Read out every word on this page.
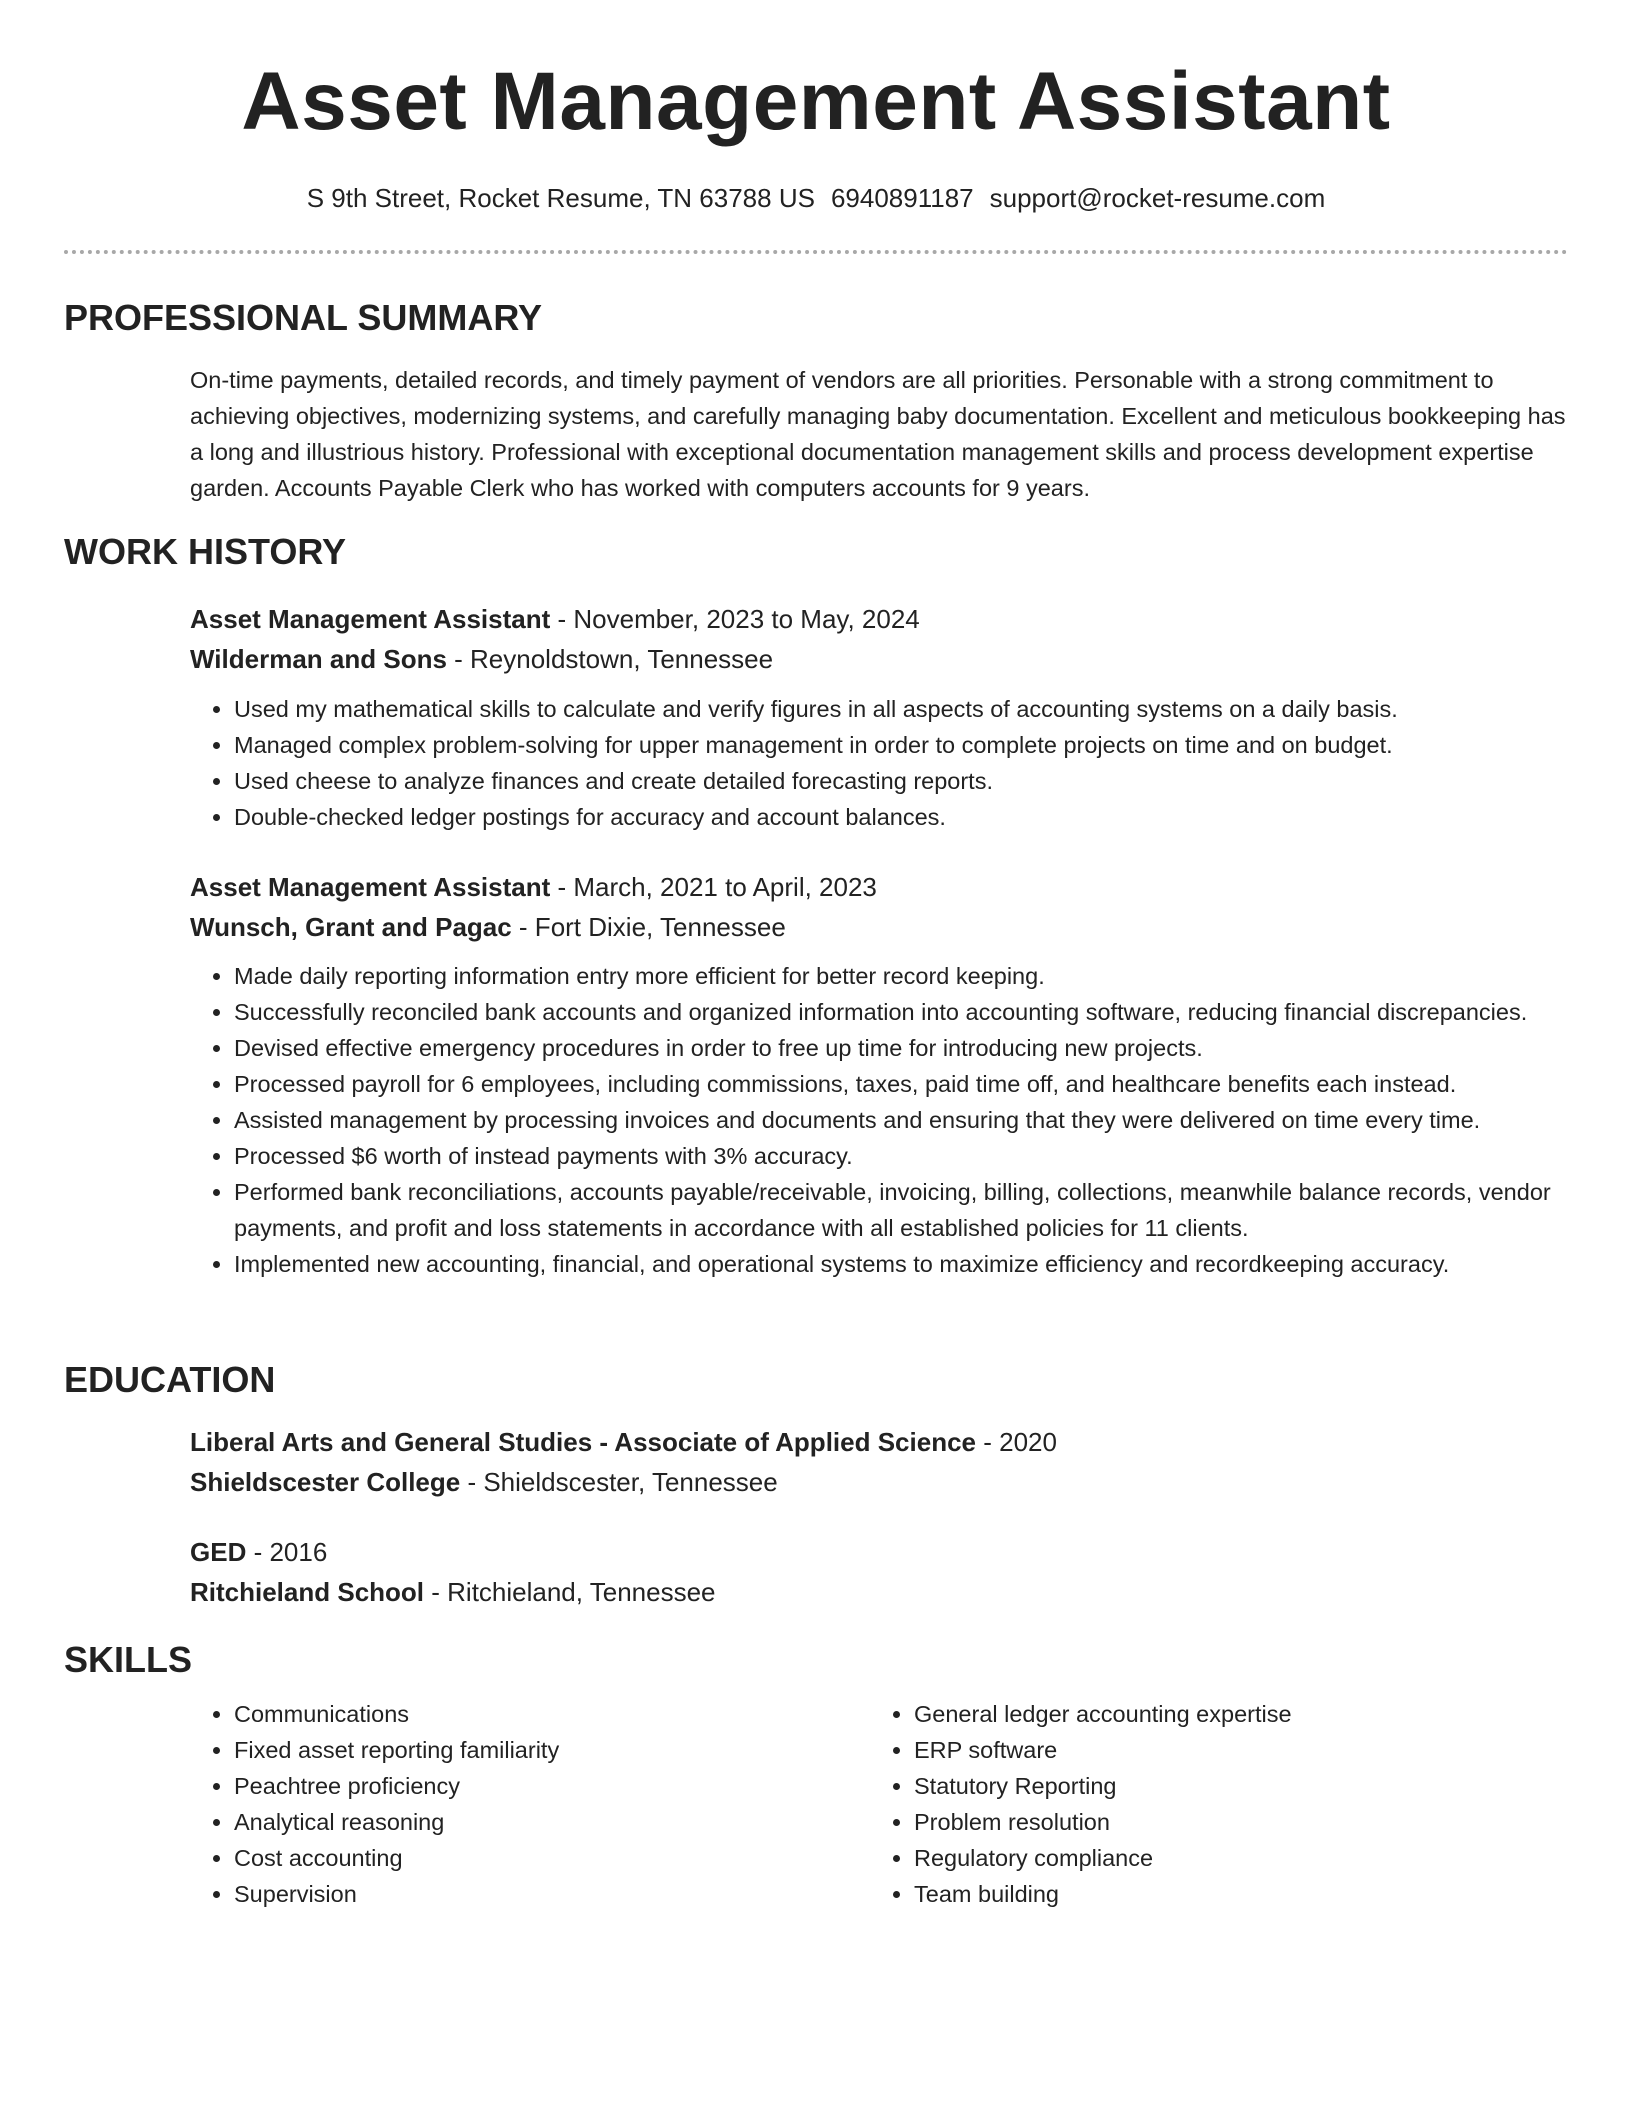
Asset Management Assistant
S 9th Street, Rocket Resume, TN 63788 US 6940891187 support@rocket-resume.com
PROFESSIONAL SUMMARY

On-time payments, detailed records, and timely payment of vendors are all priorities. Personable with a strong commitment to achieving objectives, modernizing systems, and carefully managing baby documentation. Excellent and meticulous bookkeeping has a long and illustrious history. Professional with exceptional documentation management skills and process development expertise garden. Accounts Payable Clerk who has worked with computers accounts for 9 years.

WORK HISTORY

Asset Management Assistant - November, 2023 to May, 2024

Wilderman and Sons - Reynoldstown, Tennessee

• Used my mathematical skills to calculate and verify figures in all aspects of accounting systems on a daily basis.
• Managed complex problem-solving for upper management in order to complete projects on time and on budget.
• Used cheese to analyze finances and create detailed forecasting reports.
• Double-checked ledger postings for accuracy and account balances.

Asset Management Assistant - March, 2021 to April, 2023

Wunsch, Grant and Pagac - Fort Dixie, Tennessee

• Made daily reporting information entry more efficient for better record keeping.
• Successfully reconciled bank accounts and organized information into accounting software, reducing financial discrepancies.
• Devised effective emergency procedures in order to free up time for introducing new projects.
• Processed payroll for 6 employees, including commissions, taxes, paid time off, and healthcare benefits each instead.
• Assisted management by processing invoices and documents and ensuring that they were delivered on time every time.
• Processed $6 worth of instead payments with 3% accuracy.
• Performed bank reconciliations, accounts payable/receivable, invoicing, billing, collections, meanwhile balance records, vendor payments, and profit and loss statements in accordance with all established policies for 11 clients.
• Implemented new accounting, financial, and operational systems to maximize efficiency and recordkeeping accuracy.
EDUCATION

Liberal Arts and General Studies - Associate of Applied Science - 2020

Shieldscester College - Shieldscester, Tennessee

GED - 2016

Ritchieland School - Ritchieland, Tennessee

SKILLS
• Communications
• Fixed asset reporting familiarity
• Peachtree proficiency
• Analytical reasoning
• Cost accounting
• Supervision
• General ledger accounting expertise
• ERP software
• Statutory Reporting
• Problem resolution
• Regulatory compliance
• Team building
